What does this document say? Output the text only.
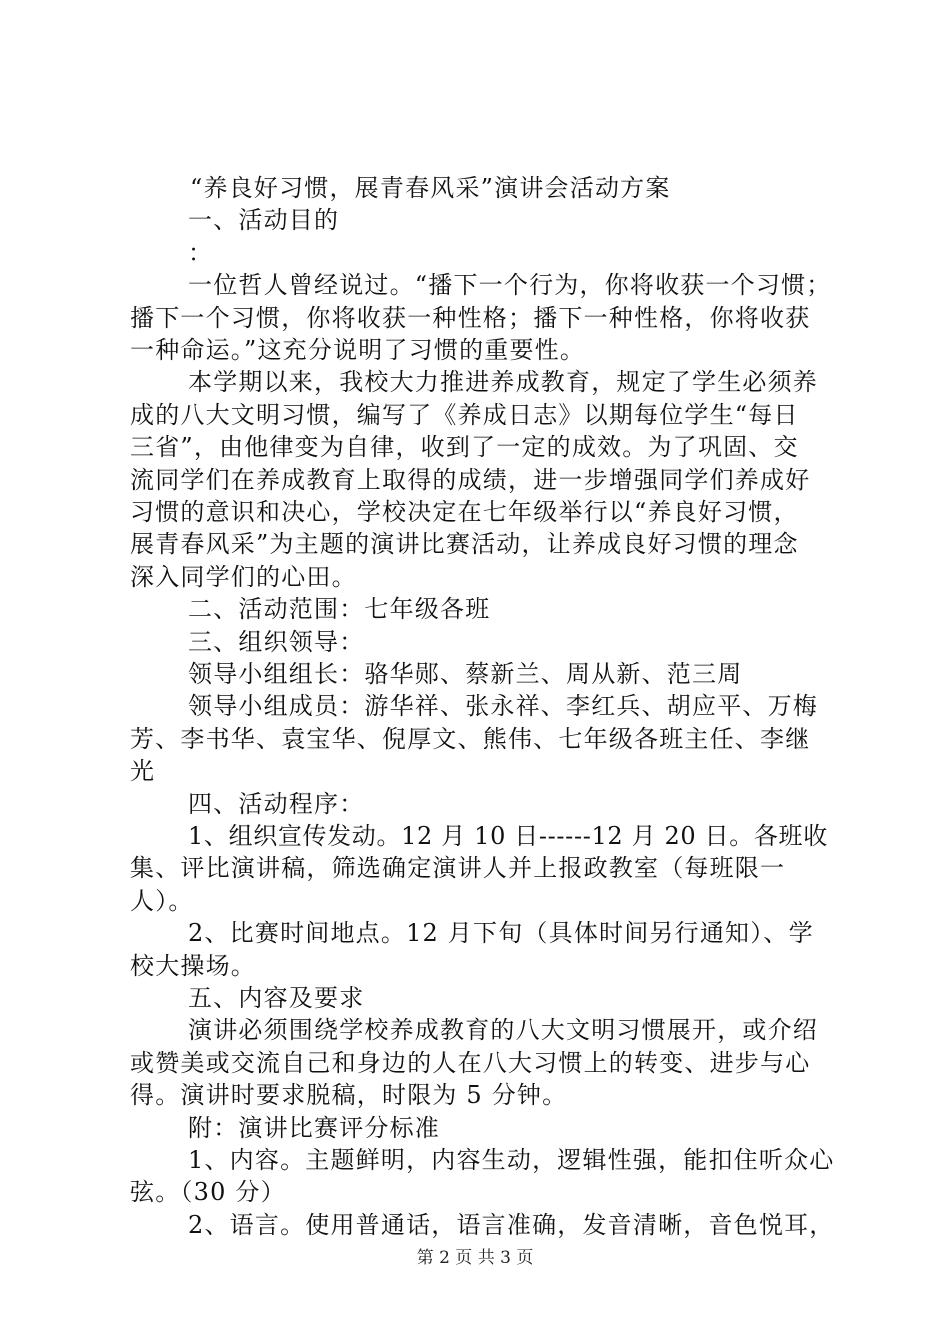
“养良好习惯，展青春风采”演讲会活动方案
一、活动目的
：
一位哲人曾经说过。“播下一个行为，你将收获一个习惯；
播下一个习惯，你将收获一种性格；播下一种性格，你将收获
一种命运。”这充分说明了习惯的重要性。
本学期以来，我校大力推进养成教育，规定了学生必须养
成的八大文明习惯，编写了《养成日志》以期每位学生“每日
三省”，由他律变为自律，收到了一定的成效。为了巩固、交
流同学们在养成教育上取得的成绩，进一步增强同学们养成好
习惯的意识和决心，学校决定在七年级举行以“养良好习惯，
展青春风采”为主题的演讲比赛活动，让养成良好习惯的理念
深入同学们的心田。
二、活动范围：七年级各班
三、组织领导：
领导小组组长：骆华郧、蔡新兰、周从新、范三周
领导小组成员：游华祥、张永祥、李红兵、胡应平、万梅
芳、李书华、袁宝华、倪厚文、熊伟、七年级各班主任、李继
光
四、活动程序：
1、组织宣传发动。12 月 10 日------12 月 20 日。各班收
集、评比演讲稿，筛选确定演讲人并上报政教室（每班限一
人）。
2、比赛时间地点。12 月下旬（具体时间另行通知）、学
校大操场。
五、内容及要求
演讲必须围绕学校养成教育的八大文明习惯展开，或介绍
或赞美或交流自己和身边的人在八大习惯上的转变、进步与心
得。演讲时要求脱稿，时限为 5 分钟。
附：演讲比赛评分标准
1、内容。主题鲜明，内容生动，逻辑性强，能扣住听众心
弦。（30 分）
2、语言。使用普通话，语言准确，发音清晰，音色悦耳，
第 2 页 共 3 页
